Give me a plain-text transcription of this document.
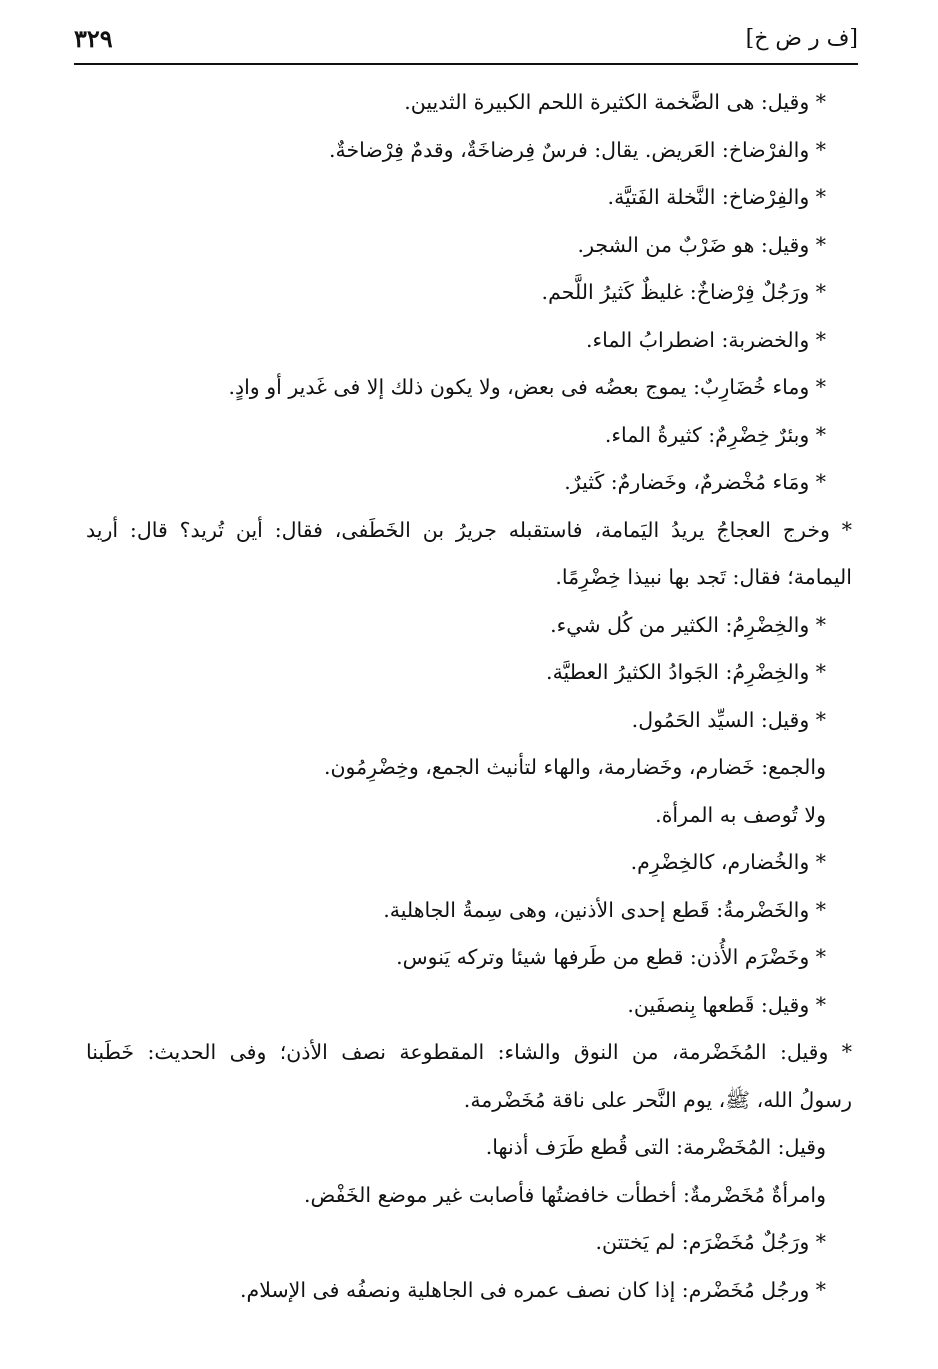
[ف ر ض خ]
٣٢٩
* وقيل: هى الضَّخمة الكثيرة اللحم الكبيرة الثديين.
* والفرْضاخ: العَريض. يقال: فرسٌ فِرضاخَةٌ، وقدمٌ فِرْضاخةٌ.
* والفِرْضاخ: النَّخلة الفَتيَّة.
* وقيل: هو ضَرْبٌ من الشجر.
* ورَجُلٌ فِرْضاخٌ: غليظٌ كَثيرُ اللَّحم.
* والخضربة: اضطرابُ الماء.
* وماء خُضَارِبٌ: يموج بعضُه فى بعض، ولا يكون ذلك إلا فى غَدير أو وادٍ.
* وبئرٌ خِضْرِمٌ: كثيرةُ الماء.
* ومَاء مُخْضرمٌ، وخَضارمٌ: كَثيرٌ.
* وخرج العجاجُ يريدُ اليَمامة، فاستقبله جريرُ بن الخَطَفى، فقال: أين تُريد؟ قال: أريد
اليمامة؛ فقال: تَجد بها نبيذا خِضْرِمًا.
* والخِضْرِمُ: الكثير من كُل شيء.
* والخِضْرِمُ: الجَوادُ الكثيرُ العطيَّة.
* وقيل: السيِّد الحَمُول.
والجمع: خَضارم، وخَضارمة، والهاء لتأنيث الجمع، وخِضْرِمُون.
ولا تُوصف به المرأة.
* والخُضارم، كالخِضْرِم.
* والخَضْرمةُ: قَطع إحدى الأذنين، وهى سِمةُ الجاهلية.
* وخَضْرَم الأُذن: قطع من طَرفها شيئا وتركه يَنوس.
* وقيل: قَطعها بِنصفَين.
* وقيل: المُخَضْرمة، من النوق والشاء: المقطوعة نصف الأذن؛ وفى الحديث: خَطَبنا
رسولُ الله، ﷺ، يوم النَّحر على ناقة مُخَضْرمة.
وقيل: المُخَضْرمة: التى قُطع طَرَف أذنها.
وامرأةٌ مُخَضْرمةٌ: أخطأت خافضتُها فأصابت غير موضع الخَفْض.
* ورَجُلٌ مُخَضْرَم: لم يَختتن.
* ورجُل مُخَضْرم: إذا كان نصف عمره فى الجاهلية ونصفُه فى الإسلام.
